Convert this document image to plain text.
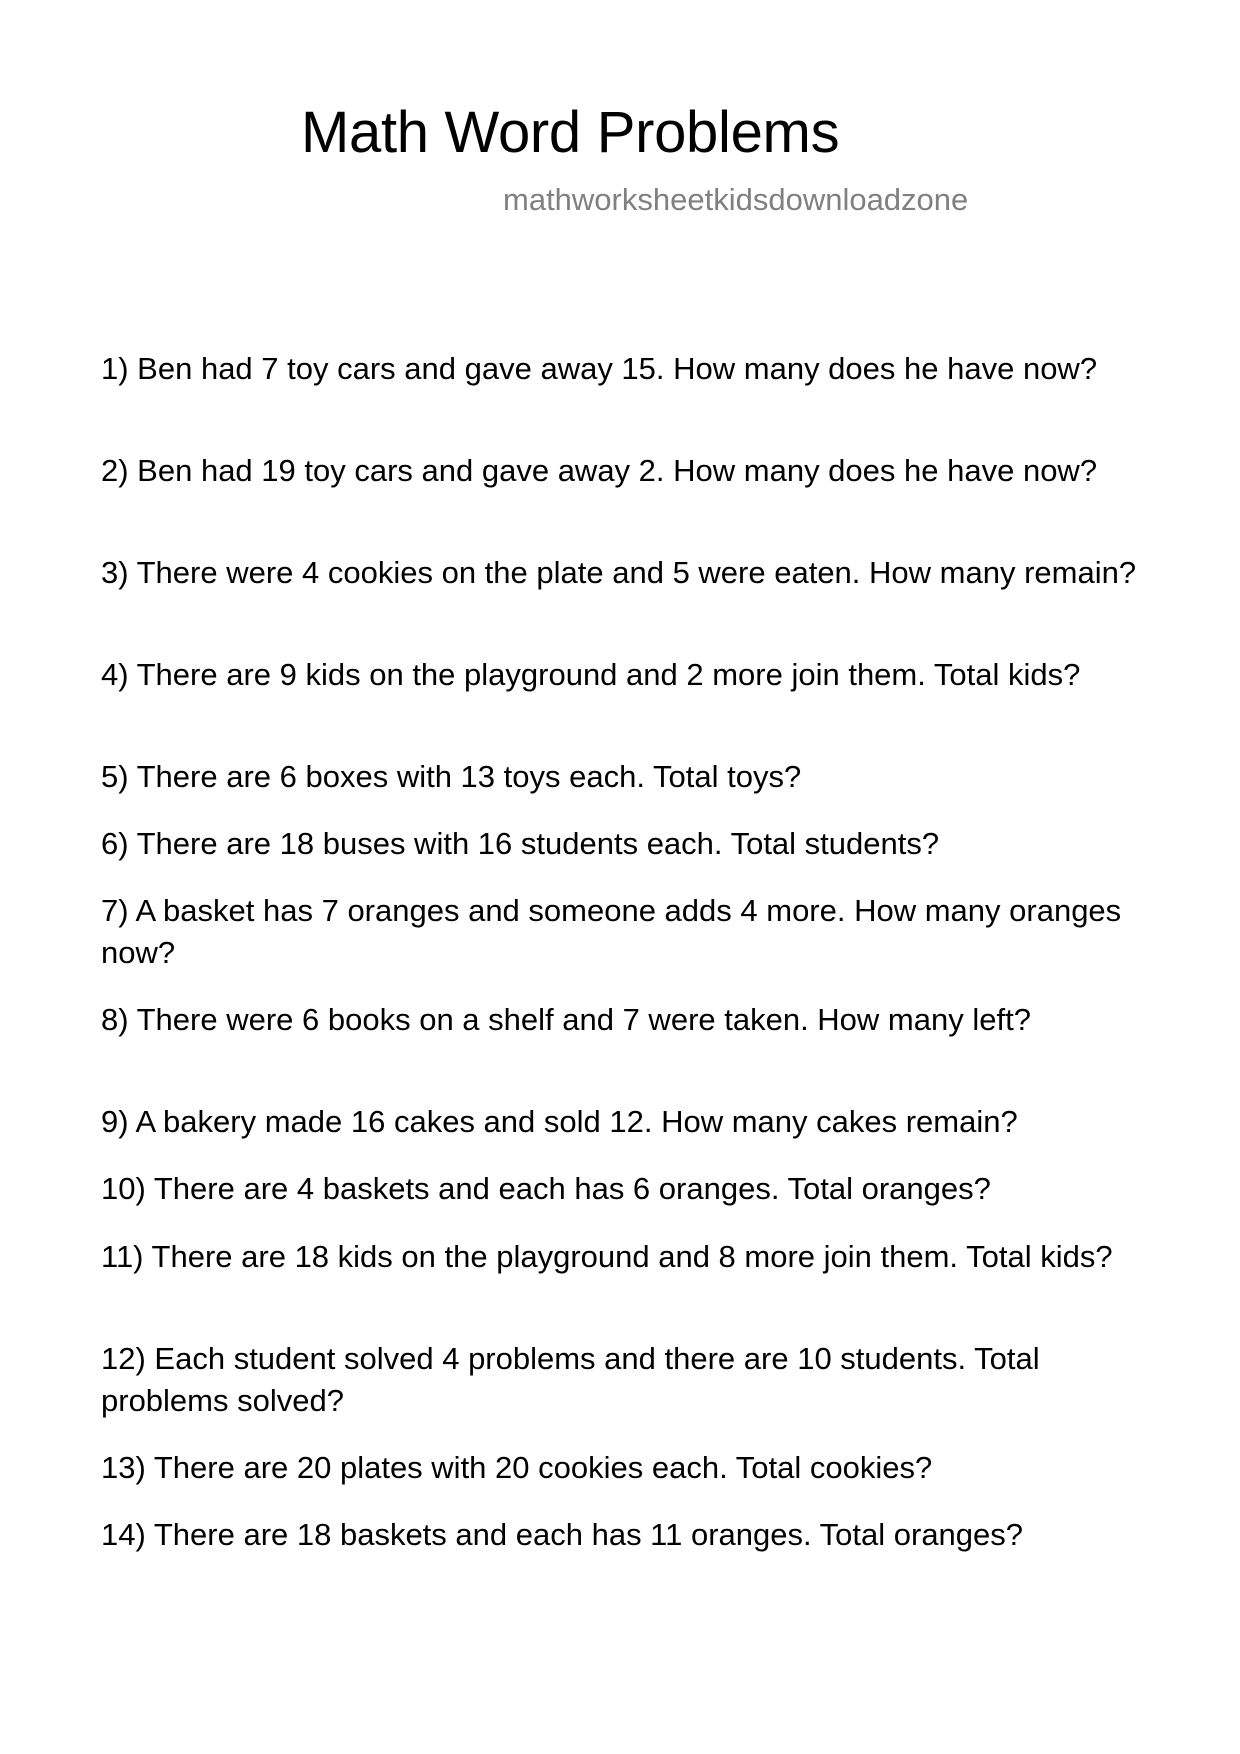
Math Word Problems
mathworksheetkidsdownloadzone

1) Ben had 7 toy cars and gave away 15. How many does he have now?

2) Ben had 19 toy cars and gave away 2. How many does he have now?

3) There were 4 cookies on the plate and 5 were eaten. How many remain?

4) There are 9 kids on the playground and 2 more join them. Total kids?

5) There are 6 boxes with 13 toys each. Total toys?

6) There are 18 buses with 16 students each. Total students?

7) A basket has 7 oranges and someone adds 4 more. How many oranges now?

8) There were 6 books on a shelf and 7 were taken. How many left?

9) A bakery made 16 cakes and sold 12. How many cakes remain?

10) There are 4 baskets and each has 6 oranges. Total oranges?

11) There are 18 kids on the playground and 8 more join them. Total kids?

12) Each student solved 4 problems and there are 10 students. Total problems solved?

13) There are 20 plates with 20 cookies each. Total cookies?

14) There are 18 baskets and each has 11 oranges. Total oranges?
